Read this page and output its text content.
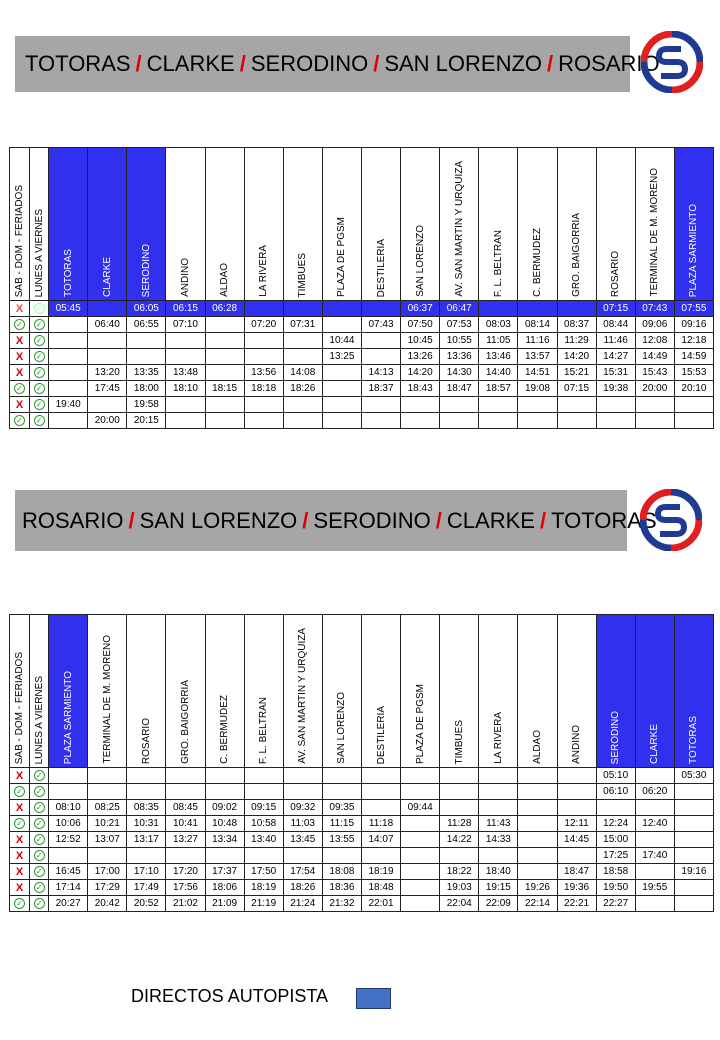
TOTORAS / CLARKE / SERODINO / SAN LORENZO / ROSARIO
SAB - DOM - FERIADOS	LUNES A VIERNES	TOTORAS	CLARKE	SERODINO	ANDINO	ALDAO	LA RIVERA	TIMBUES	PLAZA DE PGSM	DESTILERIA	SAN LORENZO	AV. SAN MARTIN Y URQUIZA	F. L. BELTRAN	C. BERMUDEZ	GRO. BAIGORRIA	ROSARIO	TERMINAL DE M. MORENO	PLAZA SARMIENTO
X	✓	05:45		06:05	06:15	06:28					06:37	06:47				07:15	07:43	07:55
✓	✓		06:40	06:55	07:10		07:20	07:31		07:43	07:50	07:53	08:03	08:14	08:37	08:44	09:06	09:16
X	✓								10:44		10:45	10:55	11:05	11:16	11:29	11:46	12:08	12:18
X	✓								13:25		13:26	13:36	13:46	13:57	14:20	14:27	14:49	14:59
X	✓		13:20	13:35	13:48		13:56	14:08		14:13	14:20	14:30	14:40	14:51	15:21	15:31	15:43	15:53
✓	✓		17:45	18:00	18:10	18:15	18:18	18:26		18:37	18:43	18:47	18:57	19:08	07:15	19:38	20:00	20:10
X	✓	19:40		19:58														
✓	✓		20:00	20:15														
ROSARIO / SAN LORENZO / SERODINO / CLARKE / TOTORAS
SAB - DOM - FERIADOS	LUNES A VIERNES	PLAZA SARMIENTO	TERMINAL DE M. MORENO	ROSARIO	GRO. BAIGORRIA	C. BERMUDEZ	F. L. BELTRAN	AV. SAN MARTIN Y URQUIZA	SAN LORENZO	DESTILERIA	PLAZA DE PGSM	TIMBUES	LA RIVERA	ALDAO	ANDINO	SERODINO	CLARKE	TOTORAS
X	✓															05:10		05:30
✓	✓															06:10	06:20	
X	✓	08:10	08:25	08:35	08:45	09:02	09:15	09:32	09:35		09:44							
✓	✓	10:06	10:21	10:31	10:41	10:48	10:58	11:03	11:15	11:18		11:28	11:43		12:11	12:24	12:40	
X	✓	12:52	13:07	13:17	13:27	13:34	13:40	13:45	13:55	14:07		14:22	14:33		14:45	15:00		
X	✓															17:25	17:40	
X	✓	16:45	17:00	17:10	17:20	17:37	17:50	17:54	18:08	18:19		18:22	18:40		18:47	18:58		19:16
X	✓	17:14	17:29	17:49	17:56	18:06	18:19	18:26	18:36	18:48		19:03	19:15	19:26	19:36	19:50	19:55	
✓	✓	20:27	20:42	20:52	21:02	21:09	21:19	21:24	21:32	22:01		22:04	22:09	22:14	22:21	22:27		
DIRECTOS AUTOPISTA
